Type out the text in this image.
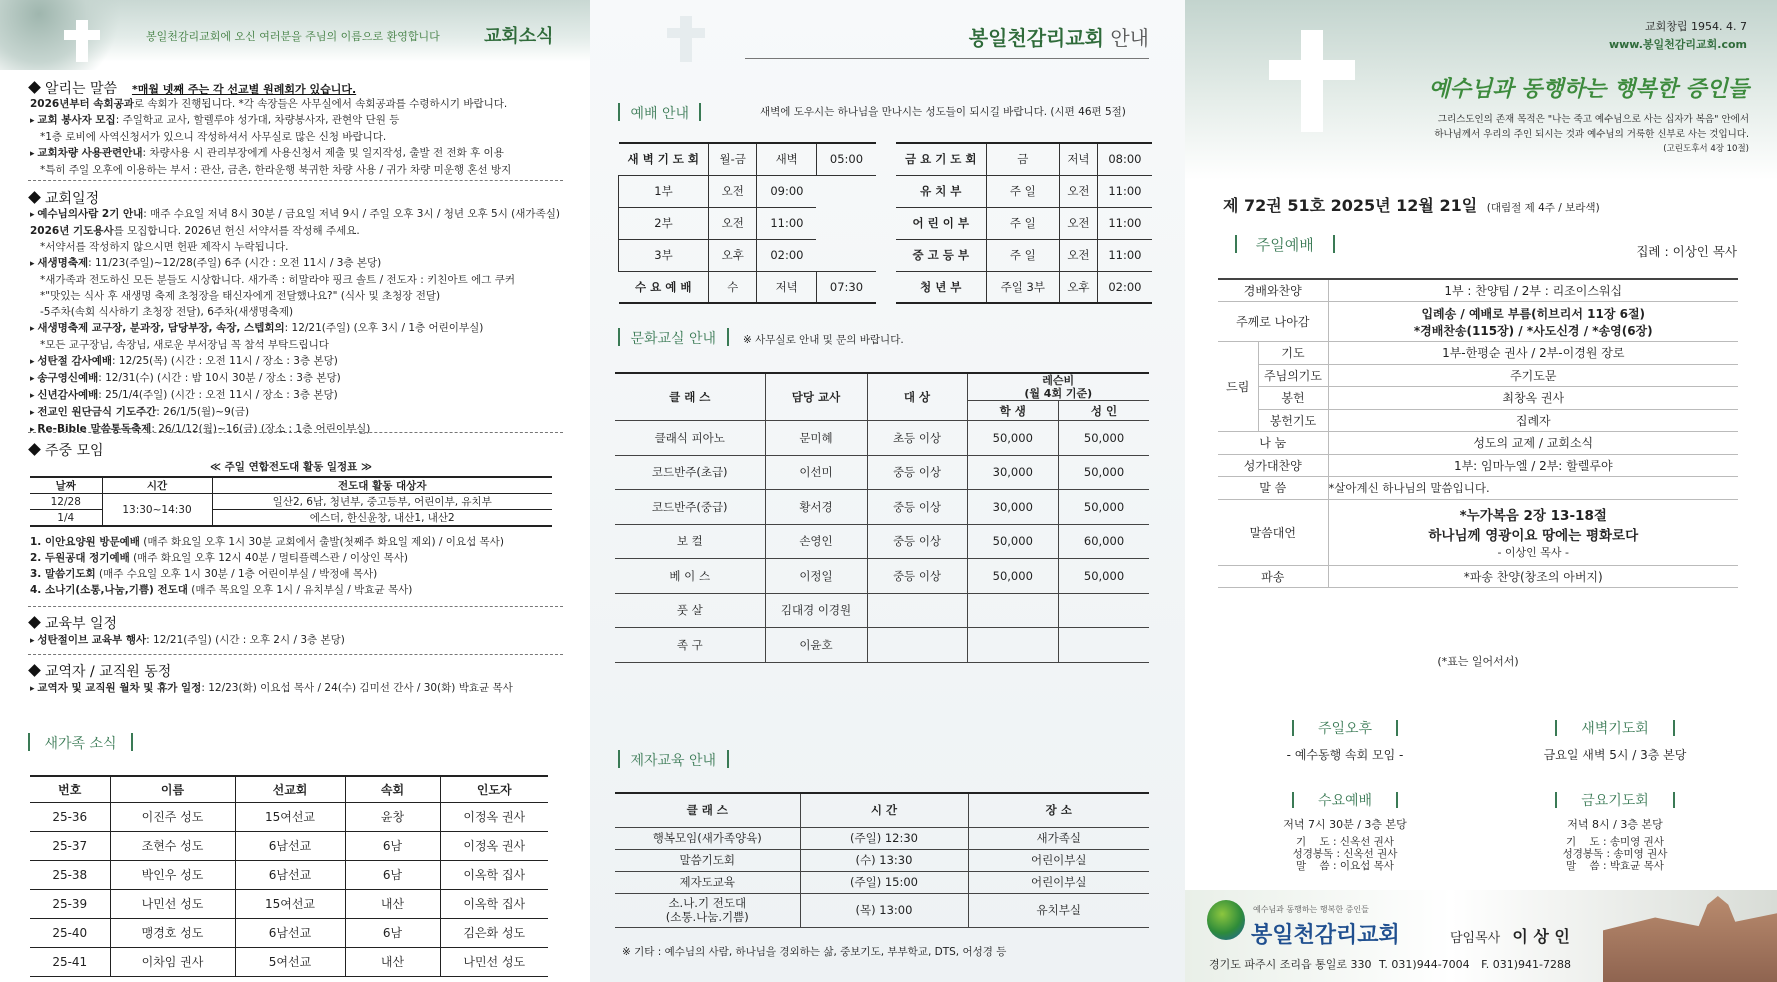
봉일천감리교회에 오신 여러분을 주님의 이름으로 환영합니다 교회소식
알리는 말씀 *매월 넷째 주는 각 선교별 원례회가 있습니다.
2026년부터 속회공과로 속회가 진행됩니다. *각 속장들은 사무실에서 속회공과를 수령하시기 바랍니다.
▸ 교회 봉사자 모집: 주일학교 교사, 할렐루야 성가대, 차량봉사자, 관현악 단원 등
*1층 로비에 사역신청서가 있으니 작성하셔서 사무실로 많은 신청 바랍니다.
▸ 교회차량 사용관련안내: 차량사용 시 관리부장에게 사용신청서 제출 및 일지작성, 출발 전 전화 후 이용
*특히 주일 오후에 이용하는 부서 : 관산, 금촌, 한라운행 북귀한 차량 사용 / 귀가 차량 미운행 혼선 방지
교회일정
▸ 예수님의사람 2기 안내: 매주 수요일 저녁 8시 30분 / 금요일 저녁 9시 / 주일 오후 3시 / 청년 오후 5시 (새가족실)
2026년 기도용사를 모집합니다. 2026년 헌신 서약서를 작성해 주세요.
*서약서를 작성하지 않으시면 헌판 제작시 누락됩니다.
▸ 새생명축제: 11/23(주일)~12/28(주일) 6주 (시간 : 오전 11시 / 3층 본당)
*새가족과 전도하신 모든 분들도 시상합니다. 새가족 : 히말라야 핑크 솔트 / 전도자 : 키친아트 에그 쿠커
*"맛있는 식사 후 새생명 축제 초청장을 태신자에게 전달했나요?" (식사 및 초청장 전달)
-5주차(속회 식사하기 초청장 전달), 6주차(새생명축제)
▸ 새생명축제 교구장, 분과장, 담당부장, 속장, 스텝회의: 12/21(주일) (오후 3시 / 1층 어린이부실)
*모든 교구장님, 속장님, 새로운 부서장님 꼭 참석 부탁드립니다
▸ 성탄절 감사예배: 12/25(목) (시간 : 오전 11시 / 장소 : 3층 본당)
▸ 송구영신예배: 12/31(수) (시간 : 밤 10시 30분 / 장소 : 3층 본당)
▸ 신년감사예배: 25/1/4(주일) (시간 : 오전 11시 / 장소 : 3층 본당)
▸ 전교인 원단금식 기도주간: 26/1/5(월)~9(금)
▸ Re-Bible 말씀통독축제: 26/1/12(월)~16(금) (장소 : 1층 어린이부실)
주중 모임
≪ 주일 연합전도대 활동 일정표 ≫
날짜	시간	전도대 활동 대상자
12/28	13:30~14:30	일산2, 6남, 청년부, 중고등부, 어린이부, 유치부
1/4		에스더, 한신윤창, 내산1, 내산2
1. 이안요양원 방문예배 (매주 화요일 오후 1시 30분 교회에서 출발(첫째주 화요일 제외) / 이요섭 목사)
2. 두원공대 정기예배 (매주 화요일 오후 12시 40분 / 멀티플렉스관 / 이상인 목사)
3. 말씀기도회 (매주 수요일 오후 1시 30분 / 1층 어린이부실 / 박정애 목사)
4. 소나기(소통,나눔,기쁨) 전도대 (매주 목요일 오후 1시 / 유치부실 / 박효균 목사)
교육부 일정
▸ 성탄절이브 교육부 행사: 12/21(주일) (시간 : 오후 2시 / 3층 본당)
교역자 / 교직원 동정
▸ 교역자 및 교직원 월차 및 휴가 일정: 12/23(화) 이요섭 목사 / 24(수) 김미선 간사 / 30(화) 박효균 목사
새가족 소식
번호	이름	선교회	속회	인도자
25-36	이진주 성도	15여선교	윤창	이정옥 권사
25-37	조현수 성도	6남선교	6남	이정옥 권사
25-38	박인우 성도	6남선교	6남	이옥학 집사
25-39	나민선 성도	15여선교	내산	이옥학 집사
25-40	맹경호 성도	6남선교	6남	김은화 성도
25-41	이차임 권사	5여선교	내산	나민선 성도
봉일천감리교회 안내
예배 안내	새벽에 도우시는 하나님을 만나시는 성도들이 되시길 바랍니다. (시편 46편 5절)
새 벽 기 도 회	월-금	새벽	05:00
1부	오전	09:00	
2부	오전	11:00	
3부	오후	02:00	
수 요 예 배	수	저녁	07:30
금 요 기 도 회	금	저녁	08:00
유 치 부	주 일	오전	11:00
어 린 이 부	주 일	오전	11:00
중 고 등 부	주 일	오전	11:00
청 년 부	주일 3부	오후	02:00
문화교실 안내	※ 사무실로 안내 및 문의 바랍니다.
클 래 스	담당 교사	대 상	레슨비
(월 4회 기준)	
			학 생	성 인
클래식 피아노	문미혜	초등 이상	50,000	50,000
코드반주(초급)	이선미	중등 이상	30,000	50,000
코드반주(중급)	황서경	중등 이상	30,000	50,000
보 컬	손영인	중등 이상	50,000	60,000
베 이 스	이정일	중등 이상	50,000	50,000
풋 살	김대경 이경원			
족 구	이윤호			
제자교육 안내
클 래 스	시 간	장 소
행복모임(새가족양육)	(주일) 12:30	새가족실
말씀기도회	(수) 13:30	어린이부실
제자도교육	(주일) 15:00	어린이부실
소.나.기 전도대
(소통.나눔.기쁨)	(목) 13:00	유치부실
※ 기타 : 예수님의 사람, 하나님을 경외하는 삶, 중보기도, 부부학교, DTS, 어성경 등
교회창립 1954. 4. 7
www.봉일천감리교회.com
예수님과 동행하는 행복한 증인들
그리스도인의 존재 목적은 "나는 죽고 예수님으로 사는 십자가 복음" 안에서
하나님께서 우리의 주인 되시는 것과 예수님의 거룩한 신부로 사는 것입니다.
(고린도후서 4장 10절)
제 72권 51호 2025년 12월 21일 (대림절 제 4주 / 보라색)
주일예배	집례 : 이상인 목사
경배와찬양		1부 : 찬양팀 / 2부 : 리조이스워십

주께로 나아감		입례송 / 예배로 부름(히브리서 11장 6절)
*경배찬송(115장) / *사도신경 / *송영(6장)

드림	기도	1부-한평순 권사 / 2부-이경원 장로

	주님의기도	주기도문

	봉헌	최창옥 권사

	봉헌기도	집례자

나 눔		성도의 교제 / 교회소식

성가대찬양		1부: 임마누엘 / 2부: 할렐루야

말 씀		*살아계신 하나님의 말씀입니다.

말씀대언		*누가복음 2장 13-18절
하나님께 영광이요 땅에는 평화로다
- 이상인 목사 -

파송		*파송 찬양(창조의 아버지)
(*표는 일어서서)
주일오후
- 예수동행 속회 모임 -
새벽기도회
금요일 새벽 5시 / 3층 본당
수요예배
저녁 7시 30분 / 3층 본당
기    도 : 신옥선 권사
성경봉독 : 신옥선 권사
말    씀 : 이요섭 목사
금요기도회
저녁 8시 / 3층 본당
기    도 : 송미영 권사
성경봉독 : 송미영 권사
말    씀 : 박효균 목사
예수님과 동행하는 행복한 증인들
봉일천감리교회	담임목사 이 상 인
경기도 파주시 조리읍 통일로 330 T. 031)944-7004 F. 031)941-7288
